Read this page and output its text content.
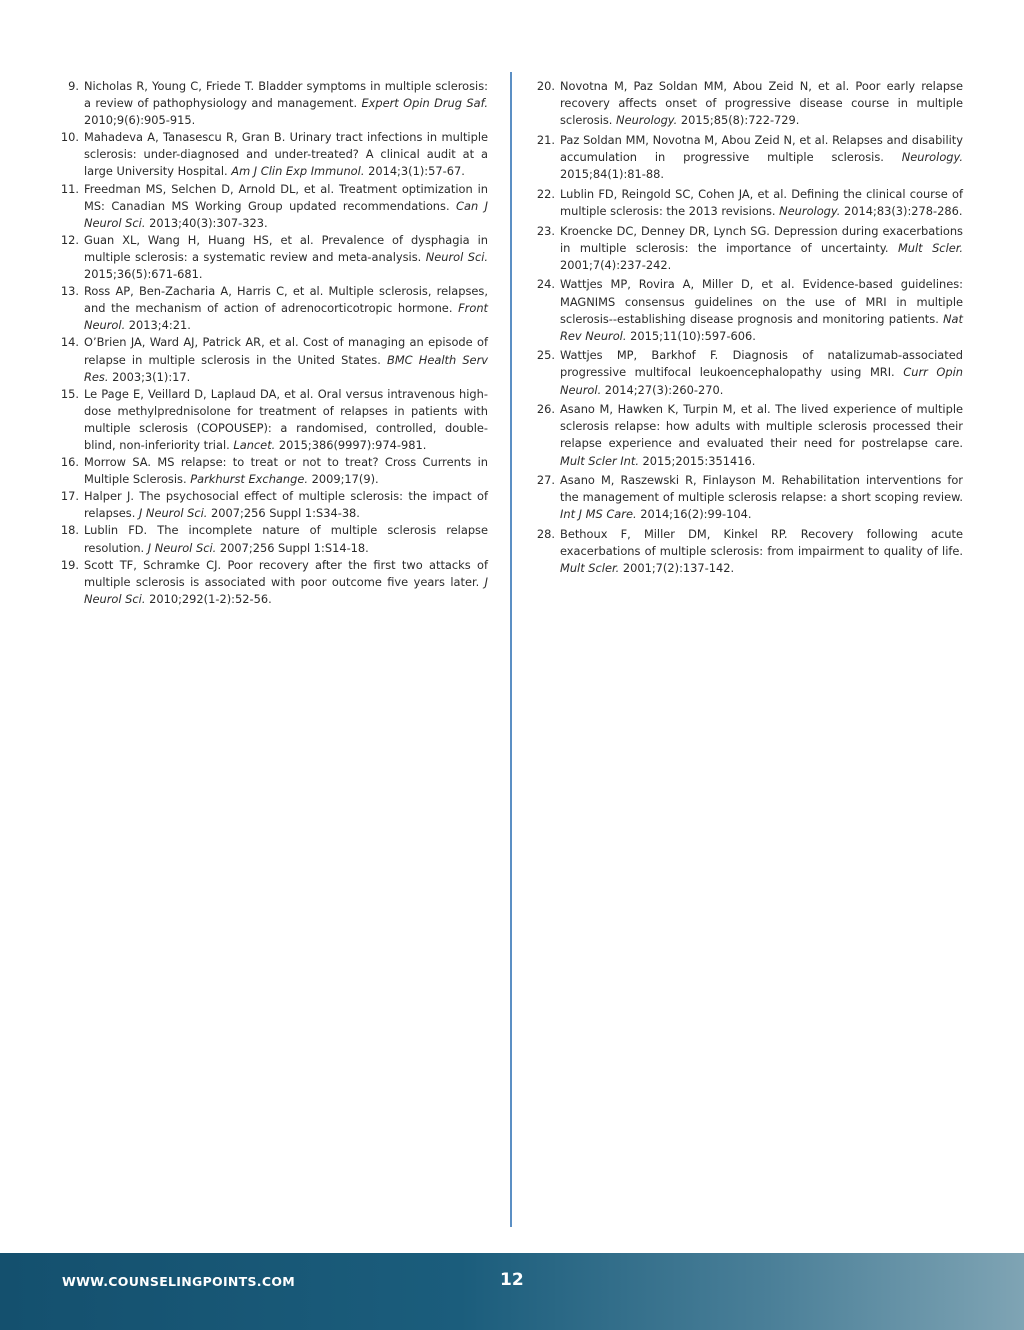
9. Nicholas R, Young C, Friede T. Bladder symptoms in multiple sclerosis: a review of pathophysiology and management. Expert Opin Drug Saf. 2010;9(6):905-915.
10. Mahadeva A, Tanasescu R, Gran B. Urinary tract infections in multiple sclerosis: under-diagnosed and under-treated? A clinical audit at a large University Hospital. Am J Clin Exp Immunol. 2014;3(1):57-67.
11. Freedman MS, Selchen D, Arnold DL, et al. Treatment optimization in MS: Canadian MS Working Group updated recommendations. Can J Neurol Sci. 2013;40(3):307-323.
12. Guan XL, Wang H, Huang HS, et al. Prevalence of dysphagia in multiple sclerosis: a systematic review and meta-analysis. Neurol Sci. 2015;36(5):671-681.
13. Ross AP, Ben-Zacharia A, Harris C, et al. Multiple sclerosis, relapses, and the mechanism of action of adrenocorticotropic hormone. Front Neurol. 2013;4:21.
14. O’Brien JA, Ward AJ, Patrick AR, et al. Cost of managing an episode of relapse in multiple sclerosis in the United States. BMC Health Serv Res. 2003;3(1):17.
15. Le Page E, Veillard D, Laplaud DA, et al. Oral versus intravenous high-dose methylprednisolone for treatment of relapses in patients with multiple sclerosis (COPOUSEP): a randomised, controlled, double-blind, non-inferiority trial. Lancet. 2015;386(9997):974-981.
16. Morrow SA. MS relapse: to treat or not to treat? Cross Currents in Multiple Sclerosis. Parkhurst Exchange. 2009;17(9).
17. Halper J. The psychosocial effect of multiple sclerosis: the impact of relapses. J Neurol Sci. 2007;256 Suppl 1:S34-38.
18. Lublin FD. The incomplete nature of multiple sclerosis relapse resolution. J Neurol Sci. 2007;256 Suppl 1:S14-18.
19. Scott TF, Schramke CJ. Poor recovery after the first two attacks of multiple sclerosis is associated with poor outcome five years later. J Neurol Sci. 2010;292(1-2):52-56.
20. Novotna M, Paz Soldan MM, Abou Zeid N, et al. Poor early relapse recovery affects onset of progressive disease course in multiple sclerosis. Neurology. 2015;85(8):722-729.
21. Paz Soldan MM, Novotna M, Abou Zeid N, et al. Relapses and disability accumulation in progressive multiple sclerosis. Neurology. 2015;84(1):81-88.
22. Lublin FD, Reingold SC, Cohen JA, et al. Defining the clinical course of multiple sclerosis: the 2013 revisions. Neurology. 2014;83(3):278-286.
23. Kroencke DC, Denney DR, Lynch SG. Depression during exacerbations in multiple sclerosis: the importance of uncertainty. Mult Scler. 2001;7(4):237-242.
24. Wattjes MP, Rovira A, Miller D, et al. Evidence-based guidelines: MAGNIMS consensus guidelines on the use of MRI in multiple sclerosis--establishing disease prognosis and monitoring patients. Nat Rev Neurol. 2015;11(10):597-606.
25. Wattjes MP, Barkhof F. Diagnosis of natalizumab-associated progressive multifocal leukoencephalopathy using MRI. Curr Opin Neurol. 2014;27(3):260-270.
26. Asano M, Hawken K, Turpin M, et al. The lived experience of multiple sclerosis relapse: how adults with multiple sclerosis processed their relapse experience and evaluated their need for postrelapse care. Mult Scler Int. 2015;2015:351416.
27. Asano M, Raszewski R, Finlayson M. Rehabilitation interventions for the management of multiple sclerosis relapse: a short scoping review. Int J MS Care. 2014;16(2):99-104.
28. Bethoux F, Miller DM, Kinkel RP. Recovery following acute exacerbations of multiple sclerosis: from impairment to quality of life. Mult Scler. 2001;7(2):137-142.
WWW.COUNSELINGPOINTS.COM	12
